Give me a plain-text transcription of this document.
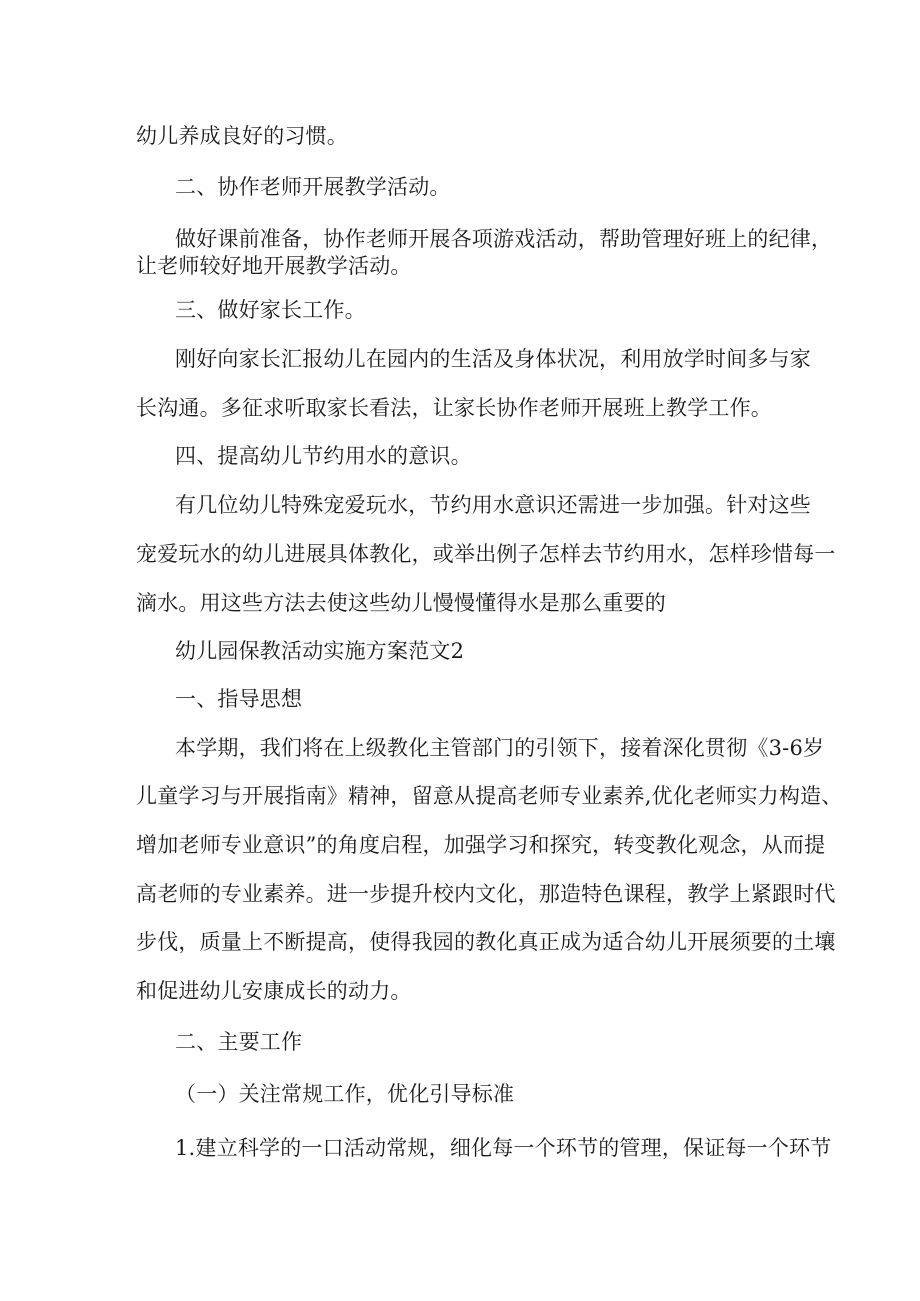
幼儿养成良好的习惯。

二、协作老师开展教学活动。

做好课前准备，协作老师开展各项游戏活动，帮助管理好班上的纪律，

让老师较好地开展教学活动。

三、做好家长工作。

刚好向家长汇报幼儿在园内的生活及身体状况，利用放学时间多与家

长沟通。多征求听取家长看法，让家长协作老师开展班上教学工作。

四、提高幼儿节约用水的意识。

有几位幼儿特殊宠爱玩水，节约用水意识还需进一步加强。针对这些

宠爱玩水的幼儿进展具体教化，或举出例子怎样去节约用水，怎样珍惜每一

滴水。用这些方法去使这些幼儿慢慢懂得水是那么重要的

幼儿园保教活动实施方案范文2

一、指导思想

本学期，我们将在上级教化主管部门的引领下，接着深化贯彻《3-6岁

儿童学习与开展指南》精神，留意从提高老师专业素养,优化老师实力构造、

增加老师专业意识”的角度启程，加强学习和探究，转变教化观念，从而提

高老师的专业素养。进一步提升校内文化，那造特色课程，教学上紧跟时代

步伐，质量上不断提高，使得我园的教化真正成为适合幼儿开展须要的土壤

和促进幼儿安康成长的动力。

二、主要工作

（一）关注常规工作，优化引导标准

1.建立科学的一口活动常规，细化每一个环节的管理，保证每一个环节
